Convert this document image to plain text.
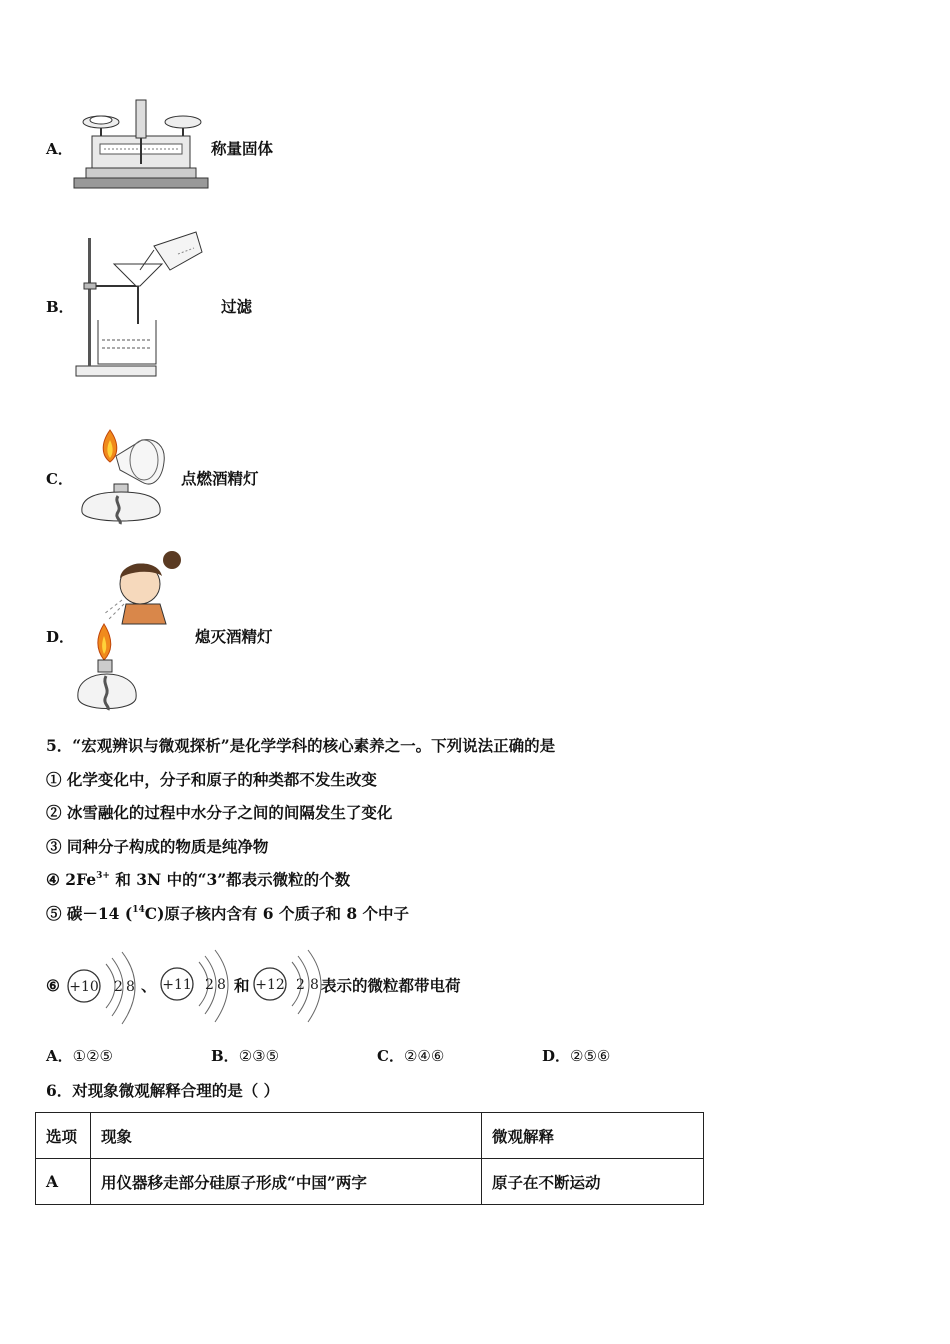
A．	称量固体
B．	过滤
C．	点燃酒精灯
D．	熄灭酒精灯
5．“宏观辨识与微观探析”是化学学科的核心素养之一。下列说法正确的是
① 化学变化中，分子和原子的种类都不发生改变
② 冰雪融化的过程中水分子之间的间隔发生了变化
③ 同种分子构成的物质是纯净物
④ $2Fe^{3+}$ 和 3N 中的“3”都表示微粒的个数
⑤ 碳－14 ($^{14}$C)原子核内含有 6 个质子和 8 个中子
⑥ +10 2 8 、 +11 2 8 和 +12 2 8 表示的微粒都带电荷
A．①②⑤	B．②③⑤	C．②④⑥	D．②⑤⑥
6．对现象微观解释合理的是（ ）
选项	现象	微观解释
A	用仪器移走部分硅原子形成“中国”两字	原子在不断运动
